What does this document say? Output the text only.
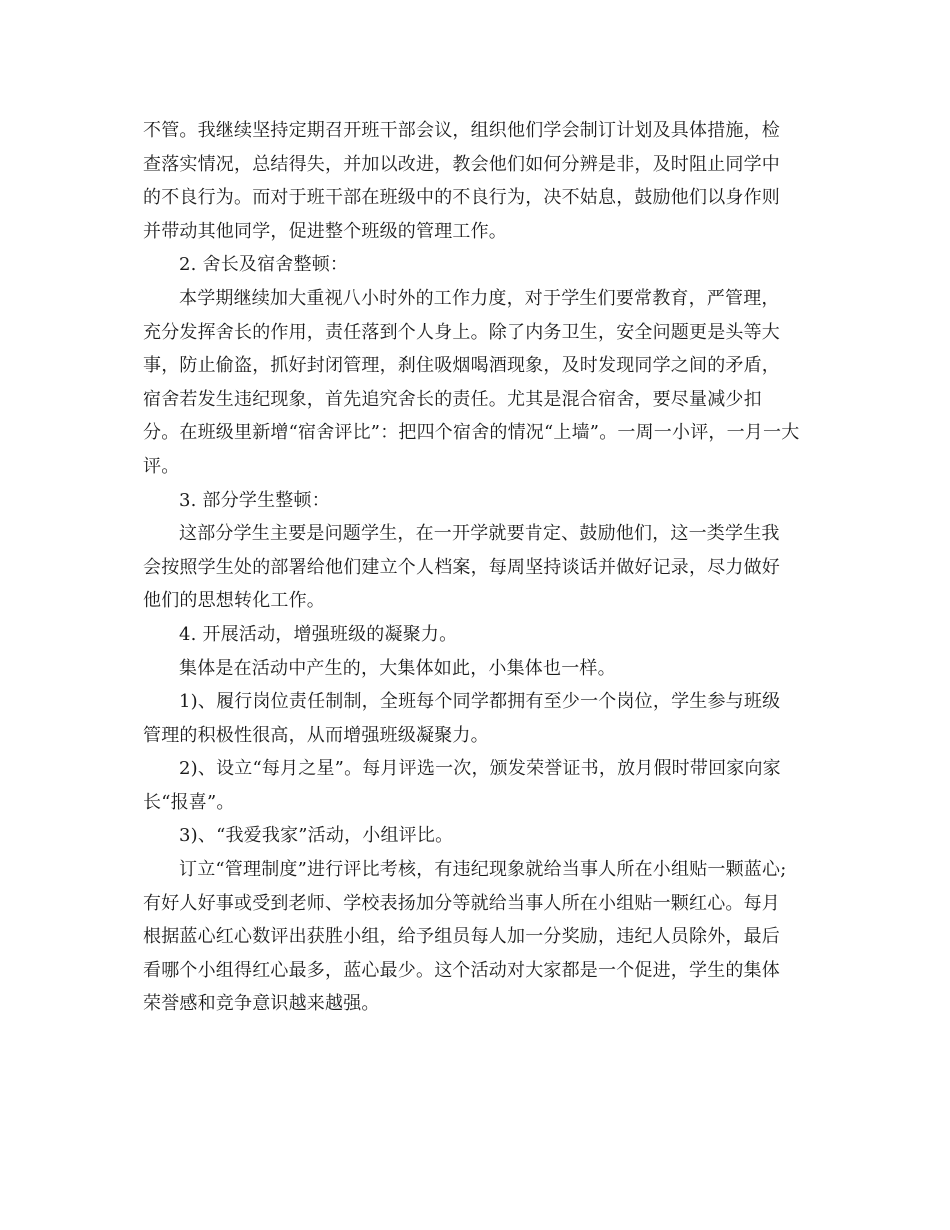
不管。我继续坚持定期召开班干部会议，组织他们学会制订计划及具体措施，检
查落实情况，总结得失，并加以改进，教会他们如何分辨是非，及时阻止同学中
的不良行为。而对于班干部在班级中的不良行为，决不姑息，鼓励他们以身作则
并带动其他同学，促进整个班级的管理工作。
2. 舍长及宿舍整顿：
本学期继续加大重视八小时外的工作力度，对于学生们要常教育，严管理，
充分发挥舍长的作用，责任落到个人身上。除了内务卫生，安全问题更是头等大
事，防止偷盗，抓好封闭管理，刹住吸烟喝酒现象，及时发现同学之间的矛盾，
宿舍若发生违纪现象，首先追究舍长的责任。尤其是混合宿舍，要尽量减少扣
分。在班级里新增“宿舍评比”：把四个宿舍的情况“上墙”。一周一小评，一月一大
评。
3. 部分学生整顿：
这部分学生主要是问题学生，在一开学就要肯定、鼓励他们，这一类学生我
会按照学生处的部署给他们建立个人档案，每周坚持谈话并做好记录，尽力做好
他们的思想转化工作。
4. 开展活动，增强班级的凝聚力。
集体是在活动中产生的，大集体如此，小集体也一样。
1)、履行岗位责任制制，全班每个同学都拥有至少一个岗位，学生参与班级
管理的积极性很高，从而增强班级凝聚力。
2)、设立“每月之星”。每月评选一次，颁发荣誉证书，放月假时带回家向家
长“报喜”。
3)、“我爱我家”活动，小组评比。
订立“管理制度”进行评比考核，有违纪现象就给当事人所在小组贴一颗蓝心;
有好人好事或受到老师、学校表扬加分等就给当事人所在小组贴一颗红心。每月
根据蓝心红心数评出获胜小组，给予组员每人加一分奖励，违纪人员除外，最后
看哪个小组得红心最多，蓝心最少。这个活动对大家都是一个促进，学生的集体
荣誉感和竞争意识越来越强。
